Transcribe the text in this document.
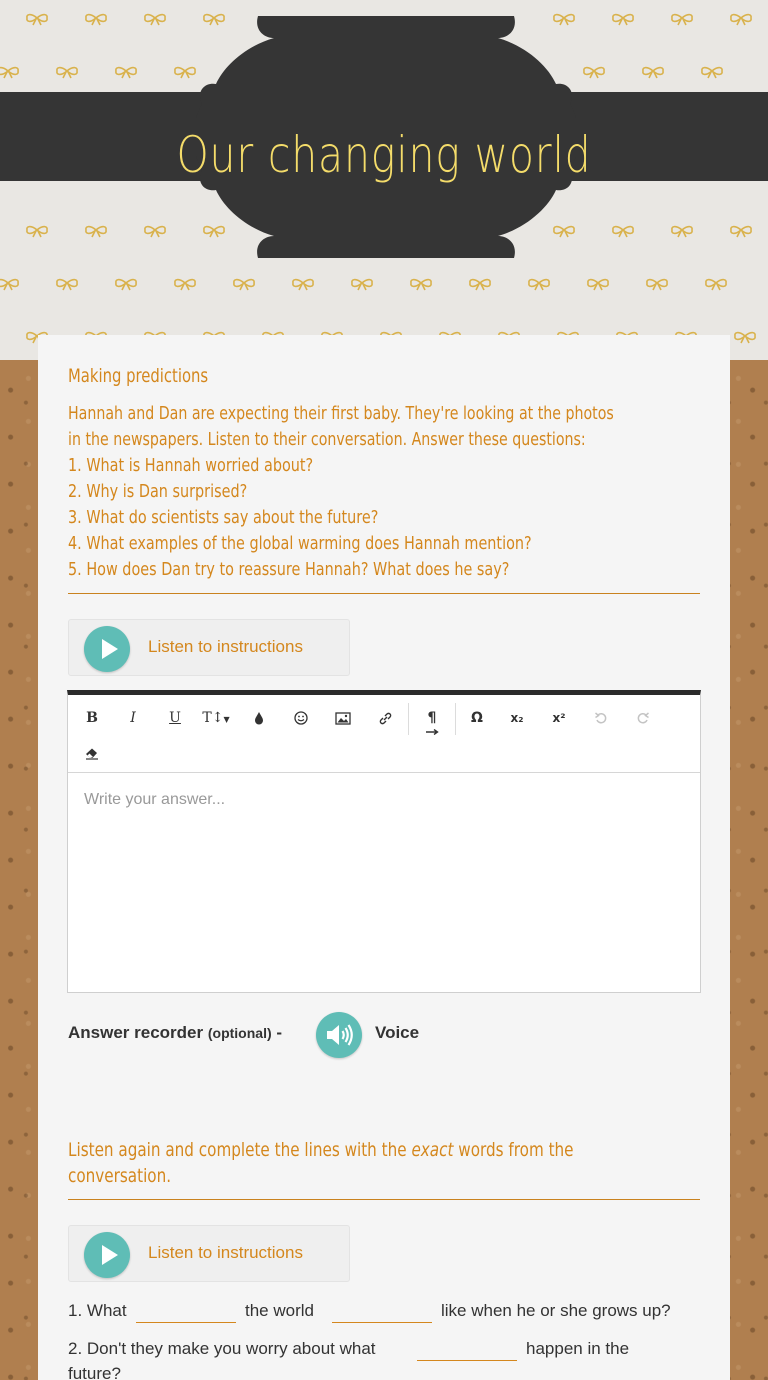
Our changing world
Making predictions
Hannah and Dan are expecting their first baby. They're looking at the photos
in the newspapers. Listen to their conversation. Answer these questions:
1. What is Hannah worried about?
2. Why is Dan surprised?
3. What do scientists say about the future?
4. What examples of the global warming does Hannah mention?
5. How does Dan try to reassure Hannah? What does he say?
Listen to instructions
B	I	U	T↕▼	¶	Ω	x₂	x²
Write your answer...
Answer recorder (optional) -	Voice
Listen again and complete the lines with the exact words from the
conversation.
Listen to instructions
1. What	the world	like when he or she grows up?
2. Don't they make you worry about what	happen in the
future?
